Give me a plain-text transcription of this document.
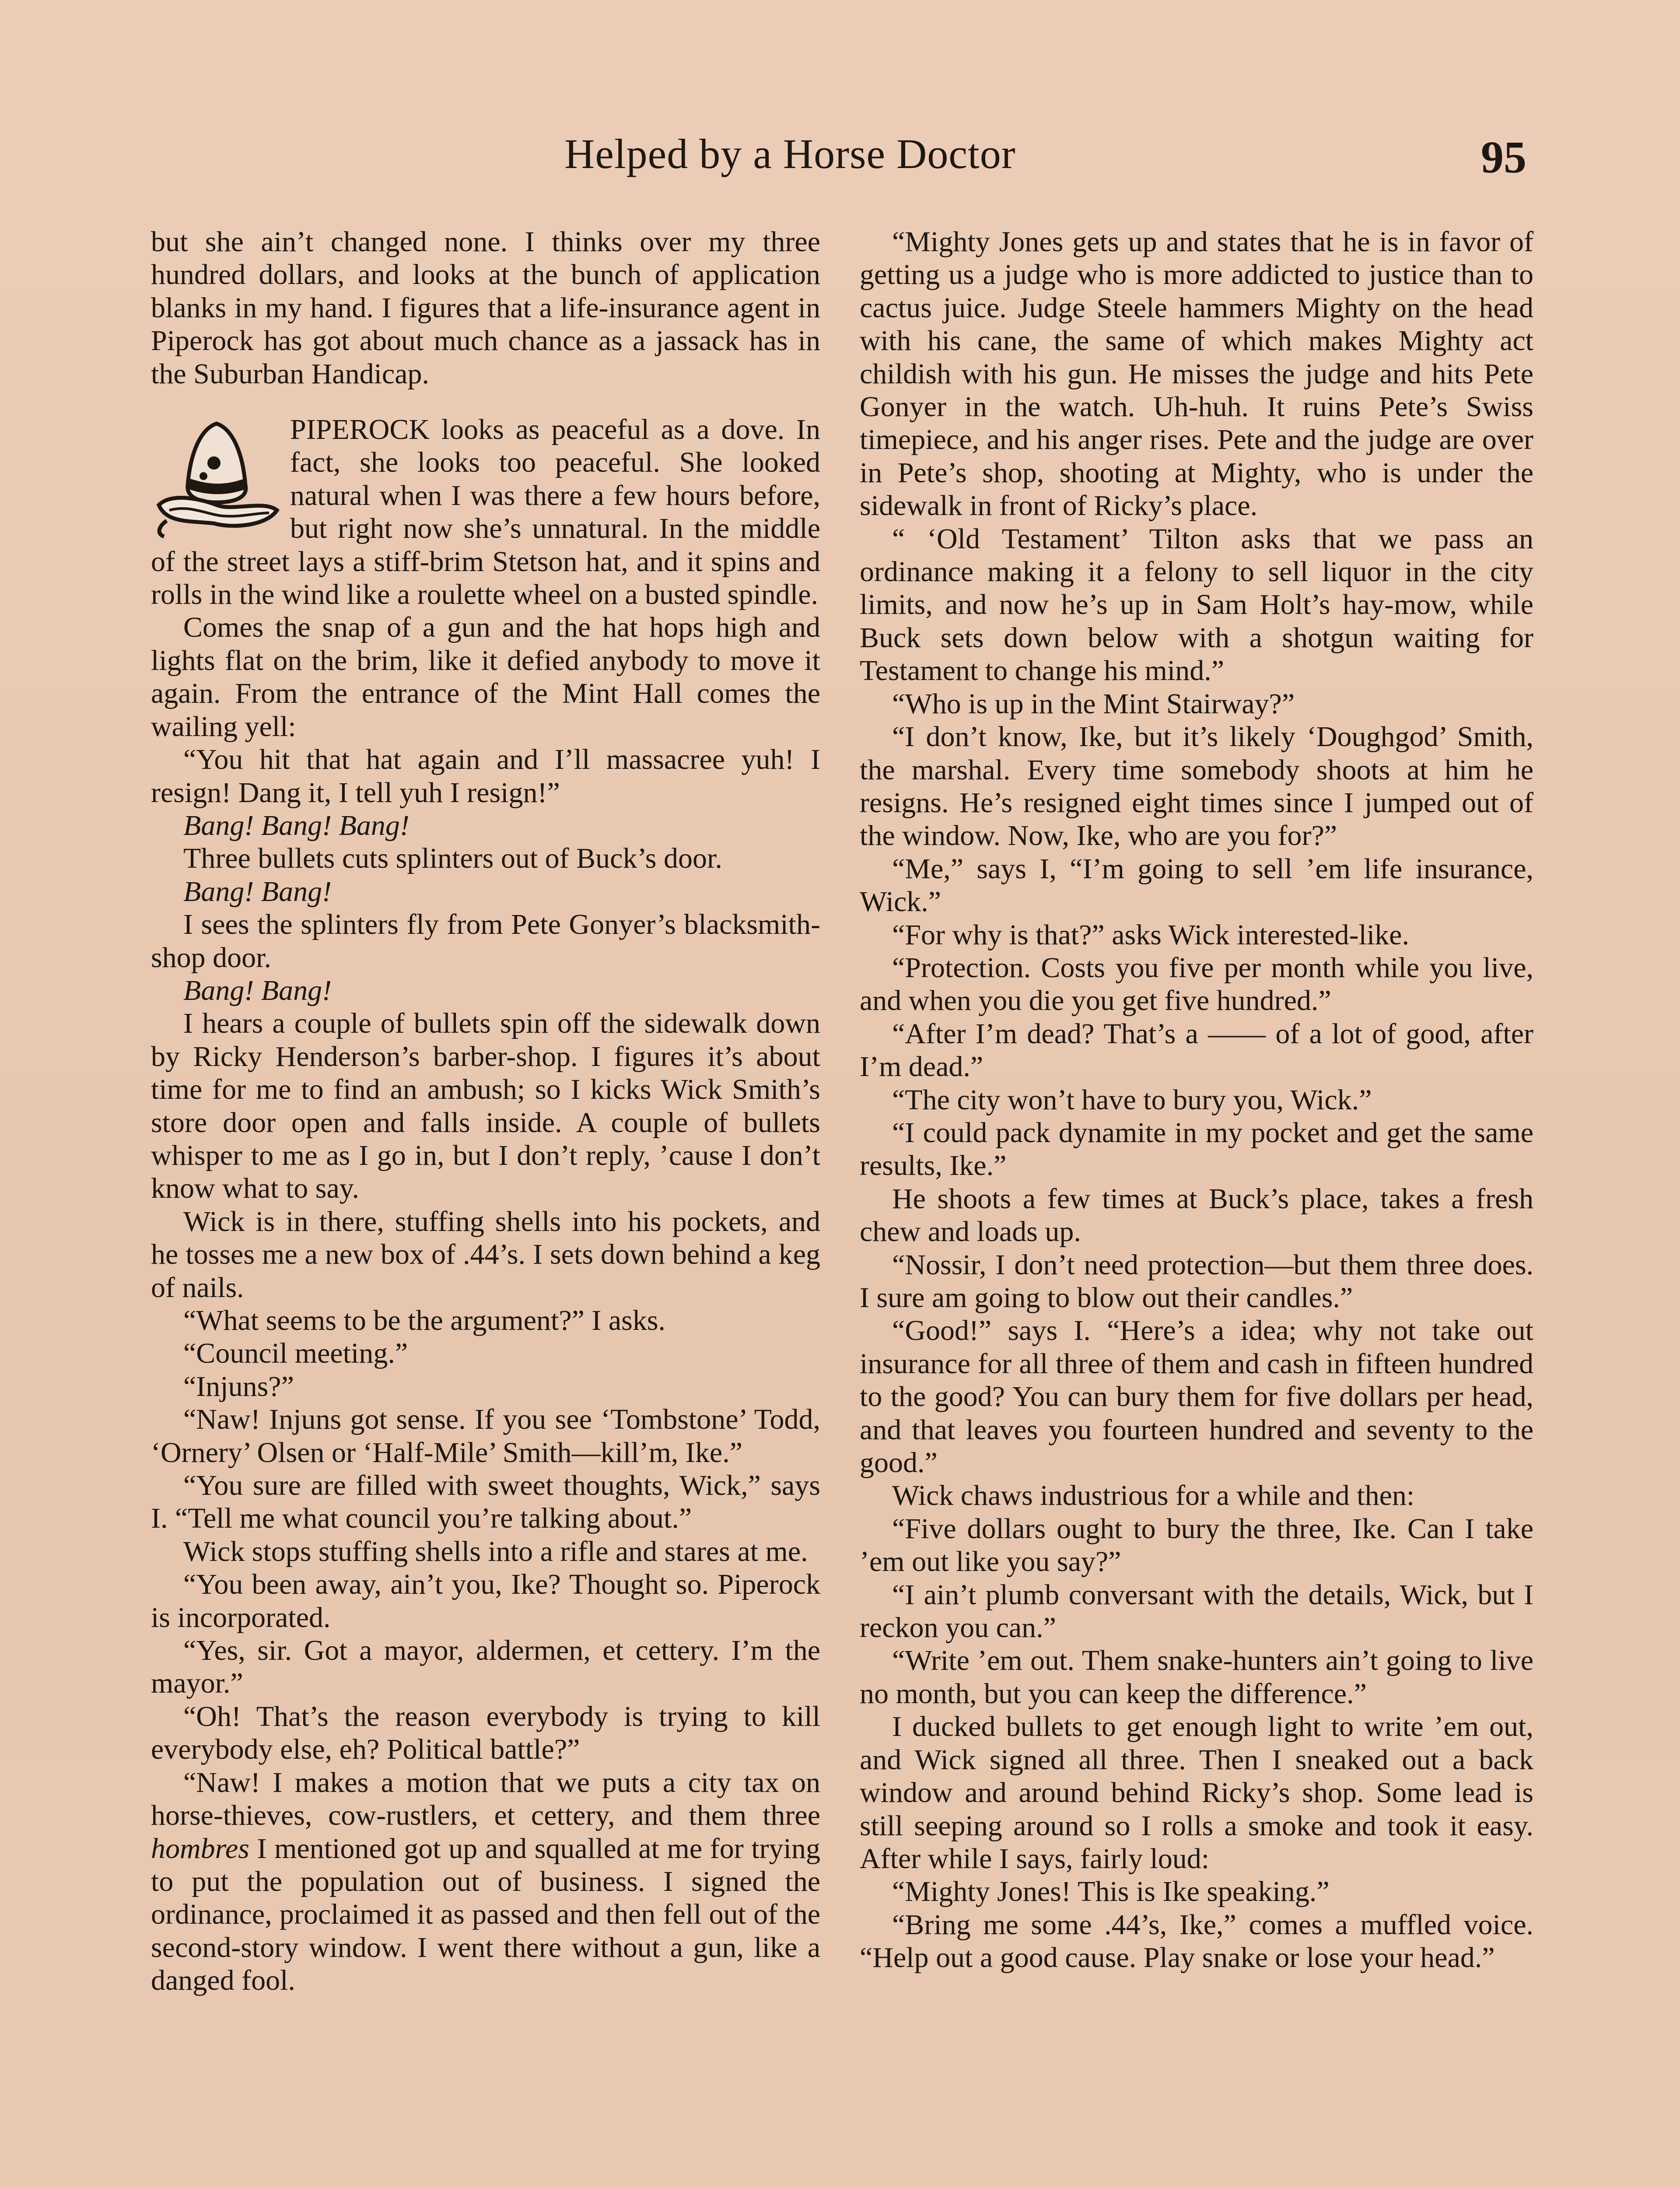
Helped by a Horse Doctor	95

but she ain’t changed none. I thinks over my three hundred dollars, and looks at the bunch of application blanks in my hand. I figures that a life-insurance agent in Piperock has got about much chance as a jassack has in the Suburban Handicap.

PIPEROCK looks as peaceful as a dove. In fact, she looks too peaceful. She looked natural when I was there a few hours before, but right now she’s unnatural. In the middle of the street lays a stiff-brim Stetson hat, and it spins and rolls in the wind like a roulette wheel on a busted spindle.

Comes the snap of a gun and the hat hops high and lights flat on the brim, like it defied anybody to move it again. From the entrance of the Mint Hall comes the wailing yell:

“You hit that hat again and I’ll massacree yuh! I resign! Dang it, I tell yuh I resign!”

Bang! Bang! Bang!

Three bullets cuts splinters out of Buck’s door.

Bang! Bang!

I sees the splinters fly from Pete Gonyer’s blacksmith-shop door.

Bang! Bang!

I hears a couple of bullets spin off the sidewalk down by Ricky Henderson’s barber-shop. I figures it’s about time for me to find an ambush; so I kicks Wick Smith’s store door open and falls inside. A couple of bullets whisper to me as I go in, but I don’t reply, ’cause I don’t know what to say.

Wick is in there, stuffing shells into his pockets, and he tosses me a new box of .44’s. I sets down behind a keg of nails.

“What seems to be the argument?” I asks.

“Council meeting.”

“Injuns?”

“Naw! Injuns got sense. If you see ‘Tombstone’ Todd, ‘Ornery’ Olsen or ‘Half-Mile’ Smith—kill’m, Ike.”

“You sure are filled with sweet thoughts, Wick,” says I. “Tell me what council you’re talking about.”

Wick stops stuffing shells into a rifle and stares at me.

“You been away, ain’t you, Ike? Thought so. Piperock is incorporated.

“Yes, sir. Got a mayor, aldermen, et cettery. I’m the mayor.”

“Oh! That’s the reason everybody is trying to kill everybody else, eh? Political battle?”

“Naw! I makes a motion that we puts a city tax on horse-thieves, cow-rustlers, et cettery, and them three hombres I mentioned got up and squalled at me for trying to put the population out of business. I signed the ordinance, proclaimed it as passed and then fell out of the second-story window. I went there without a gun, like a danged fool.

“Mighty Jones gets up and states that he is in favor of getting us a judge who is more addicted to justice than to cactus juice. Judge Steele hammers Mighty on the head with his cane, the same of which makes Mighty act childish with his gun. He misses the judge and hits Pete Gonyer in the watch. Uh-huh. It ruins Pete’s Swiss timepiece, and his anger rises. Pete and the judge are over in Pete’s shop, shooting at Mighty, who is under the sidewalk in front of Ricky’s place.

“ ‘Old Testament’ Tilton asks that we pass an ordinance making it a felony to sell liquor in the city limits, and now he’s up in Sam Holt’s hay-mow, while Buck sets down below with a shotgun waiting for Testament to change his mind.”

“Who is up in the Mint Stairway?”

“I don’t know, Ike, but it’s likely ‘Doughgod’ Smith, the marshal. Every time somebody shoots at him he resigns. He’s resigned eight times since I jumped out of the window. Now, Ike, who are you for?”

“Me,” says I, “I’m going to sell ’em life insurance, Wick.”

“For why is that?” asks Wick interested-like.

“Protection. Costs you five per month while you live, and when you die you get five hundred.”

“After I’m dead? That’s a —— of a lot of good, after I’m dead.”

“The city won’t have to bury you, Wick.”

“I could pack dynamite in my pocket and get the same results, Ike.”

He shoots a few times at Buck’s place, takes a fresh chew and loads up.

“Nossir, I don’t need protection—but them three does. I sure am going to blow out their candles.”

“Good!” says I. “Here’s a idea; why not take out insurance for all three of them and cash in fifteen hundred to the good? You can bury them for five dollars per head, and that leaves you fourteen hundred and seventy to the good.”

Wick chaws industrious for a while and then:

“Five dollars ought to bury the three, Ike. Can I take ’em out like you say?”

“I ain’t plumb conversant with the details, Wick, but I reckon you can.”

“Write ’em out. Them snake-hunters ain’t going to live no month, but you can keep the difference.”

I ducked bullets to get enough light to write ’em out, and Wick signed all three. Then I sneaked out a back window and around behind Ricky’s shop. Some lead is still seeping around so I rolls a smoke and took it easy. After while I says, fairly loud:

“Mighty Jones! This is Ike speaking.”

“Bring me some .44’s, Ike,” comes a muffled voice. “Help out a good cause. Play snake or lose your head.”
